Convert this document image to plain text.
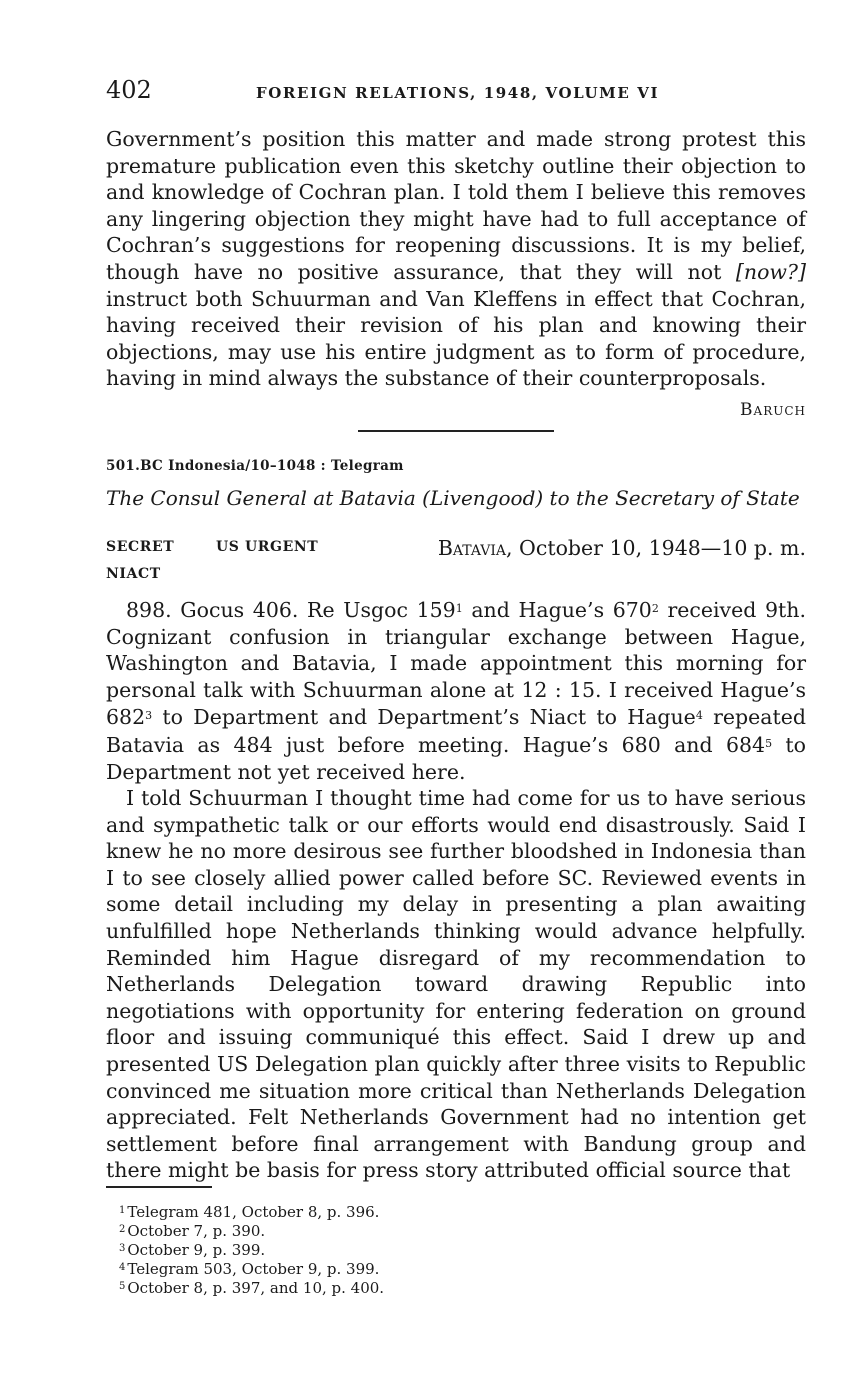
402	FOREIGN RELATIONS, 1948, VOLUME VI

Government’s position this matter and made strong protest this premature publication even this sketchy outline their objection to and knowledge of Cochran plan. I told them I believe this removes any lingering objection they might have had to full acceptance of Cochran’s suggestions for reopening discussions. It is my belief, though have no positive assurance, that they will not [now?] instruct both Schuurman and Van Kleffens in effect that Cochran, having received their revision of his plan and knowing their objections, may use his entire judgment as to form of procedure, having in mind always the substance of their counterproposals.

Baruch
501.BC Indonesia/10–1048 : Telegram
The Consul General at Batavia (Livengood) to the Secretary of State
SECRET	US URGENT
NIACT
Batavia, October 10, 1948—10 p. m.

898. Gocus 406. Re Usgoc $159^1$ and Hague’s $670^2$ received 9th. Cognizant confusion in triangular exchange between Hague, Washington and Batavia, I made appointment this morning for personal talk with Schuurman alone at 12 : 15. I received Hague’s $682^3$ to Department and Department’s Niact to Hague$^4$ repeated Batavia as 484 just before meeting. Hague’s 680 and $684^5$ to Department not yet received here.

I told Schuurman I thought time had come for us to have serious and sympathetic talk or our efforts would end disastrously. Said I knew he no more desirous see further bloodshed in Indonesia than I to see closely allied power called before SC. Reviewed events in some detail including my delay in presenting a plan awaiting unfulfilled hope Netherlands thinking would advance helpfully. Reminded him Hague disregard of my recommendation to Netherlands Delegation toward drawing Republic into negotiations with opportunity for entering federation on ground floor and issuing communiqué this effect. Said I drew up and presented US Delegation plan quickly after three visits to Republic convinced me situation more critical than Netherlands Delegation appreciated. Felt Netherlands Government had no intention get settlement before final arrangement with Bandung group and there might be basis for press story attributed official source that

$^1$ Telegram 481, October 8, p. 396.
$^2$ October 7, p. 390.
$^3$ October 9, p. 399.
$^4$ Telegram 503, October 9, p. 399.
$^5$ October 8, p. 397, and 10, p. 400.
